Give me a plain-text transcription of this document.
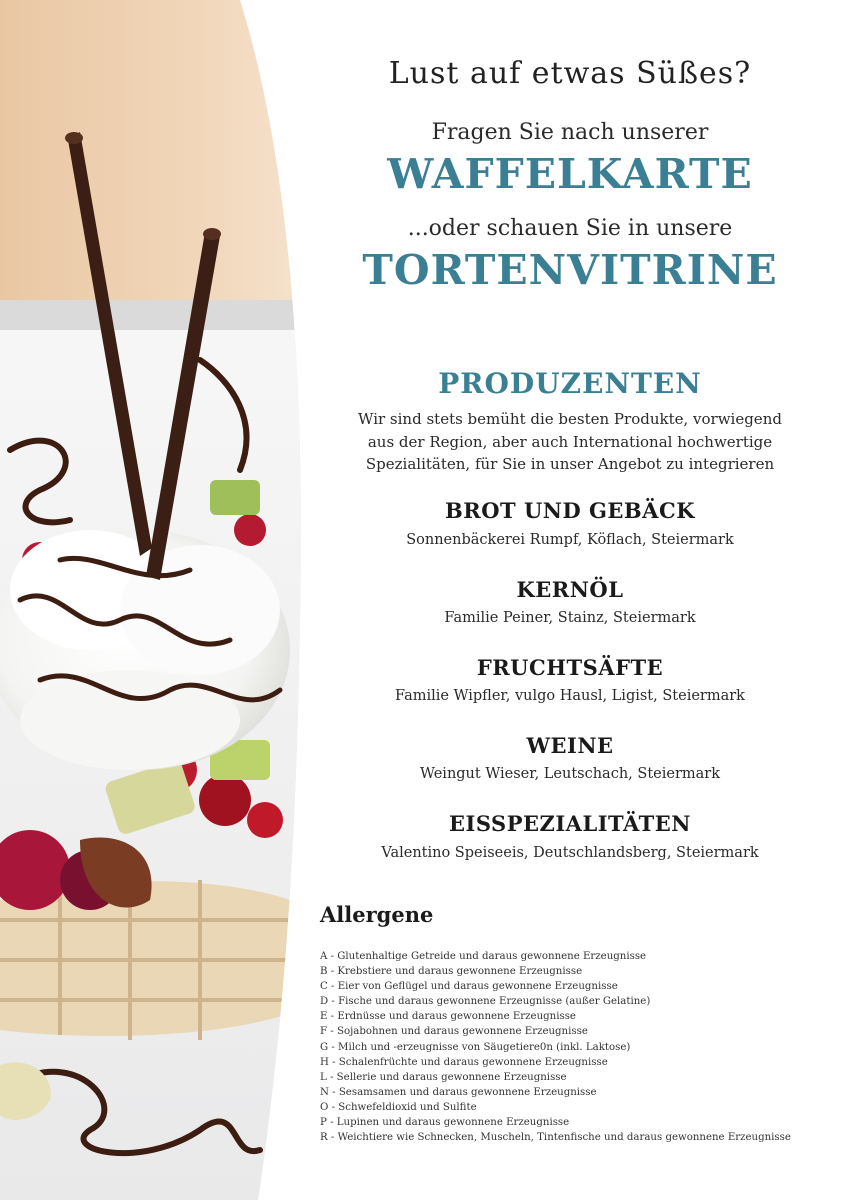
Lust auf etwas Süßes?
Fragen Sie nach unserer
WAFFELKARTE
...oder schauen Sie in unsere
TORTENVITRINE
PRODUZENTEN
Wir sind stets bemüht die besten Produkte, vorwiegend
aus der Region, aber auch International hochwertige
Spezialitäten, für Sie in unser Angebot zu integrieren
BROT UND GEBÄCK
Sonnenbäckerei Rumpf, Köflach, Steiermark
KERNÖL
Familie Peiner, Stainz, Steiermark
FRUCHTSÄFTE
Familie Wipfler, vulgo Hausl, Ligist, Steiermark
WEINE
Weingut Wieser, Leutschach, Steiermark
EISSPEZIALITÄTEN
Valentino Speiseeis, Deutschlandsberg, Steiermark
Allergene
A - Glutenhaltige Getreide und daraus gewonnene Erzeugnisse
B - Krebstiere und daraus gewonnene Erzeugnisse
C - Eier von Geflügel und daraus gewonnene Erzeugnisse
D - Fische und daraus gewonnene Erzeugnisse (außer Gelatine)
E - Erdnüsse und daraus gewonnene Erzeugnisse
F - Sojabohnen und daraus gewonnene Erzeugnisse
G - Milch und -erzeugnisse von Säugetiere0n (inkl. Laktose)
H - Schalenfrüchte und daraus gewonnene Erzeugnisse
L - Sellerie und daraus gewonnene Erzeugnisse
N - Sesamsamen und daraus gewonnene Erzeugnisse
O - Schwefeldioxid und Sulfite
P - Lupinen und daraus gewonnene Erzeugnisse
R - Weichtiere wie Schnecken, Muscheln, Tintenfische und daraus gewonnene Erzeugnisse
